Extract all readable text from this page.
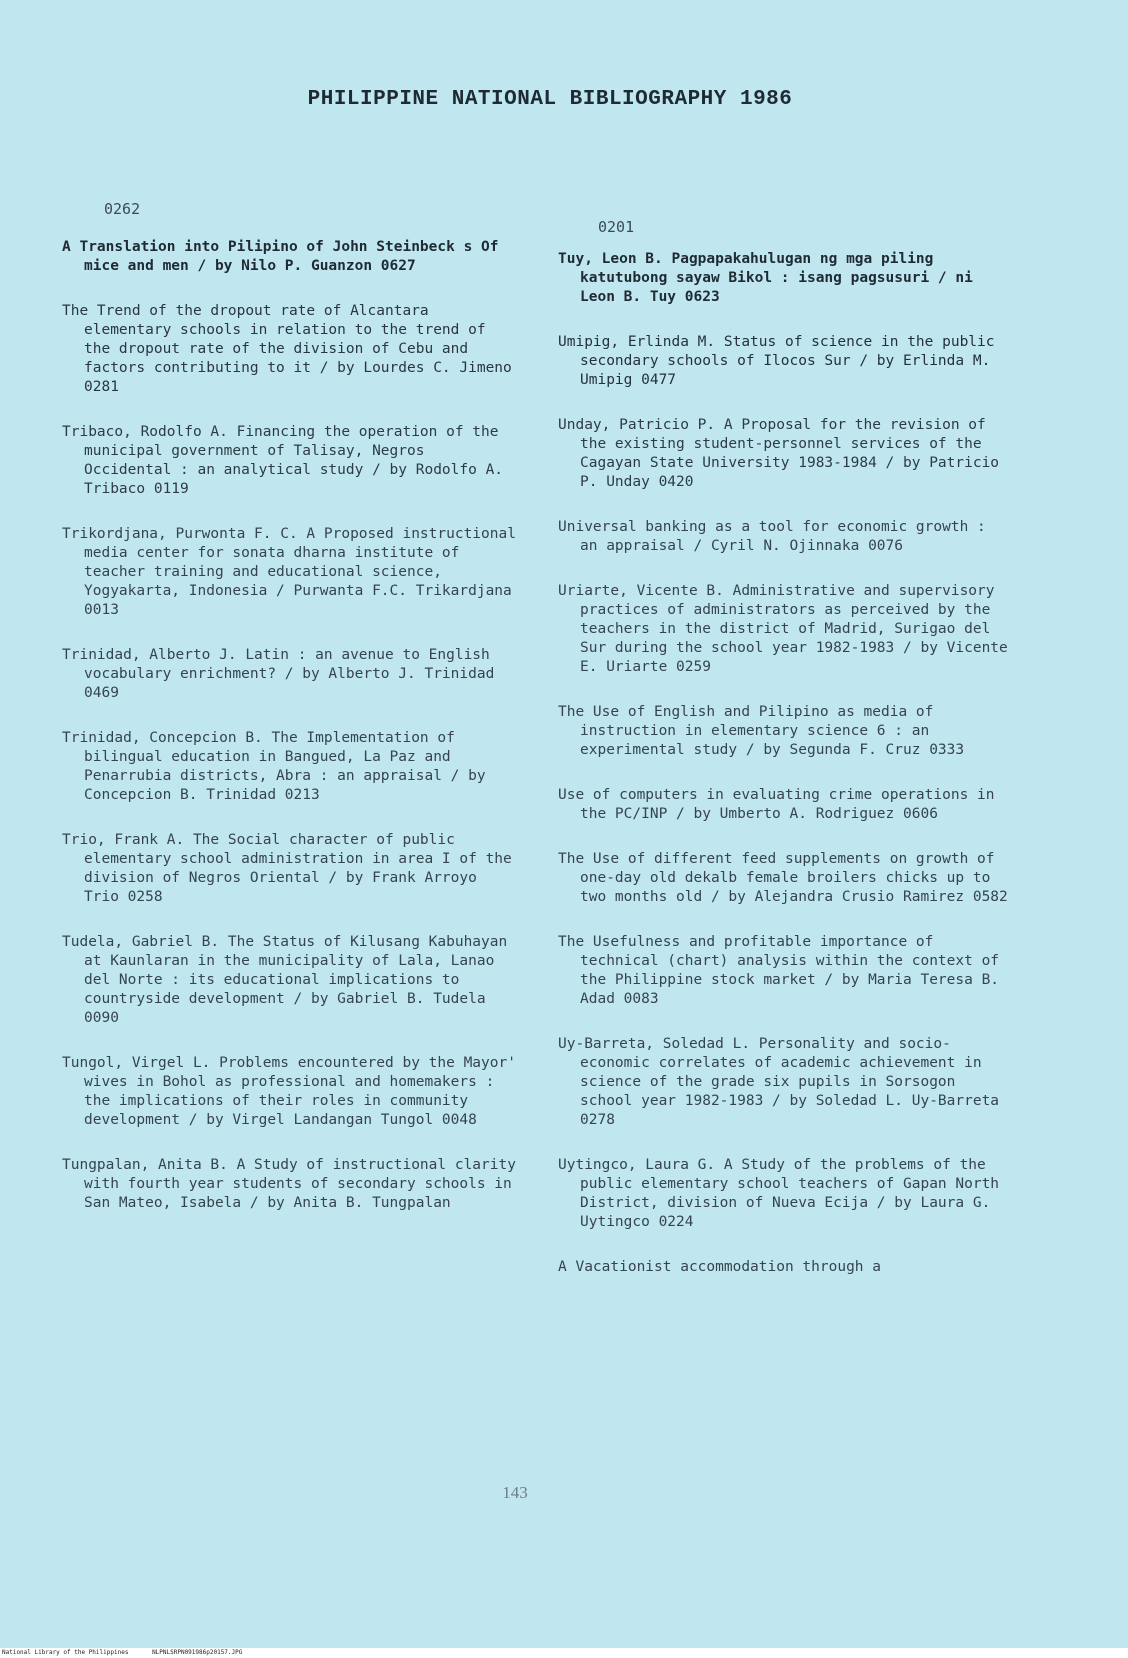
PHILIPPINE NATIONAL BIBLIOGRAPHY 1986
0262
0201

A Translation into Pilipino of John Steinbeck s Of mice and men / by Nilo P. Guanzon 0627

The Trend of the dropout rate of Alcantara elementary schools in relation to the trend of the dropout rate of the division of Cebu and factors contributing to it / by Lourdes C. Jimeno 0281

Tribaco, Rodolfo A. Financing the operation of the municipal government of Talisay, Negros Occidental : an analytical study / by Rodolfo A. Tribaco 0119

Trikordjana, Purwonta F. C. A Proposed instructional media center for sonata dharna institute of teacher training and educational science, Yogyakarta, Indonesia / Purwanta F.C. Trikardjana 0013

Trinidad, Alberto J. Latin : an avenue to English vocabulary enrichment? / by Alberto J. Trinidad 0469

Trinidad, Concepcion B. The Implementation of bilingual education in Bangued, La Paz and Penarrubia districts, Abra : an appraisal / by Concepcion B. Trinidad 0213

Trio, Frank A. The Social character of public elementary school administration in area I of the division of Negros Oriental / by Frank Arroyo Trio 0258

Tudela, Gabriel B. The Status of Kilusang Kabuhayan at Kaunlaran in the municipality of Lala, Lanao del Norte : its educational implications to countryside development / by Gabriel B. Tudela 0090

Tungol, Virgel L. Problems encountered by the Mayor' wives in Bohol as professional and homemakers : the implications of their roles in community development / by Virgel Landangan Tungol 0048

Tungpalan, Anita B. A Study of instructional clarity with fourth year students of secondary schools in San Mateo, Isabela / by Anita B. Tungpalan

Tuy, Leon B. Pagpapakahulugan ng mga piling katutubong sayaw Bikol : isang pagsusuri / ni Leon B. Tuy 0623

Umipig, Erlinda M. Status of science in the public secondary schools of Ilocos Sur / by Erlinda M. Umipig 0477

Unday, Patricio P. A Proposal for the revision of the existing student-personnel services of the Cagayan State University 1983-1984 / by Patricio P. Unday 0420

Universal banking as a tool for economic growth : an appraisal / Cyril N. Ojinnaka 0076

Uriarte, Vicente B. Administrative and supervisory practices of administrators as perceived by the teachers in the district of Madrid, Surigao del Sur during the school year 1982-1983 / by Vicente E. Uriarte 0259

The Use of English and Pilipino as media of instruction in elementary science 6 : an experimental study / by Segunda F. Cruz 0333

Use of computers in evaluating crime operations in the PC/INP / by Umberto A. Rodriguez 0606

The Use of different feed supplements on growth of one-day old dekalb female broilers chicks up to two months old / by Alejandra Crusio Ramirez 0582

The Usefulness and profitable importance of technical (chart) analysis within the context of the Philippine stock market / by Maria Teresa B. Adad 0083

Uy-Barreta, Soledad L. Personality and socio-economic correlates of academic achievement in science of the grade six pupils in Sorsogon school year 1982-1983 / by Soledad L. Uy-Barreta 0278

Uytingco, Laura G. A Study of the problems of the public elementary school teachers of Gapan North District, division of Nueva Ecija / by Laura G. Uytingco 0224

A Vacationist accommodation through a

143
National Library of the Philippines	NLPNLSRPN091986p20157.JPG
